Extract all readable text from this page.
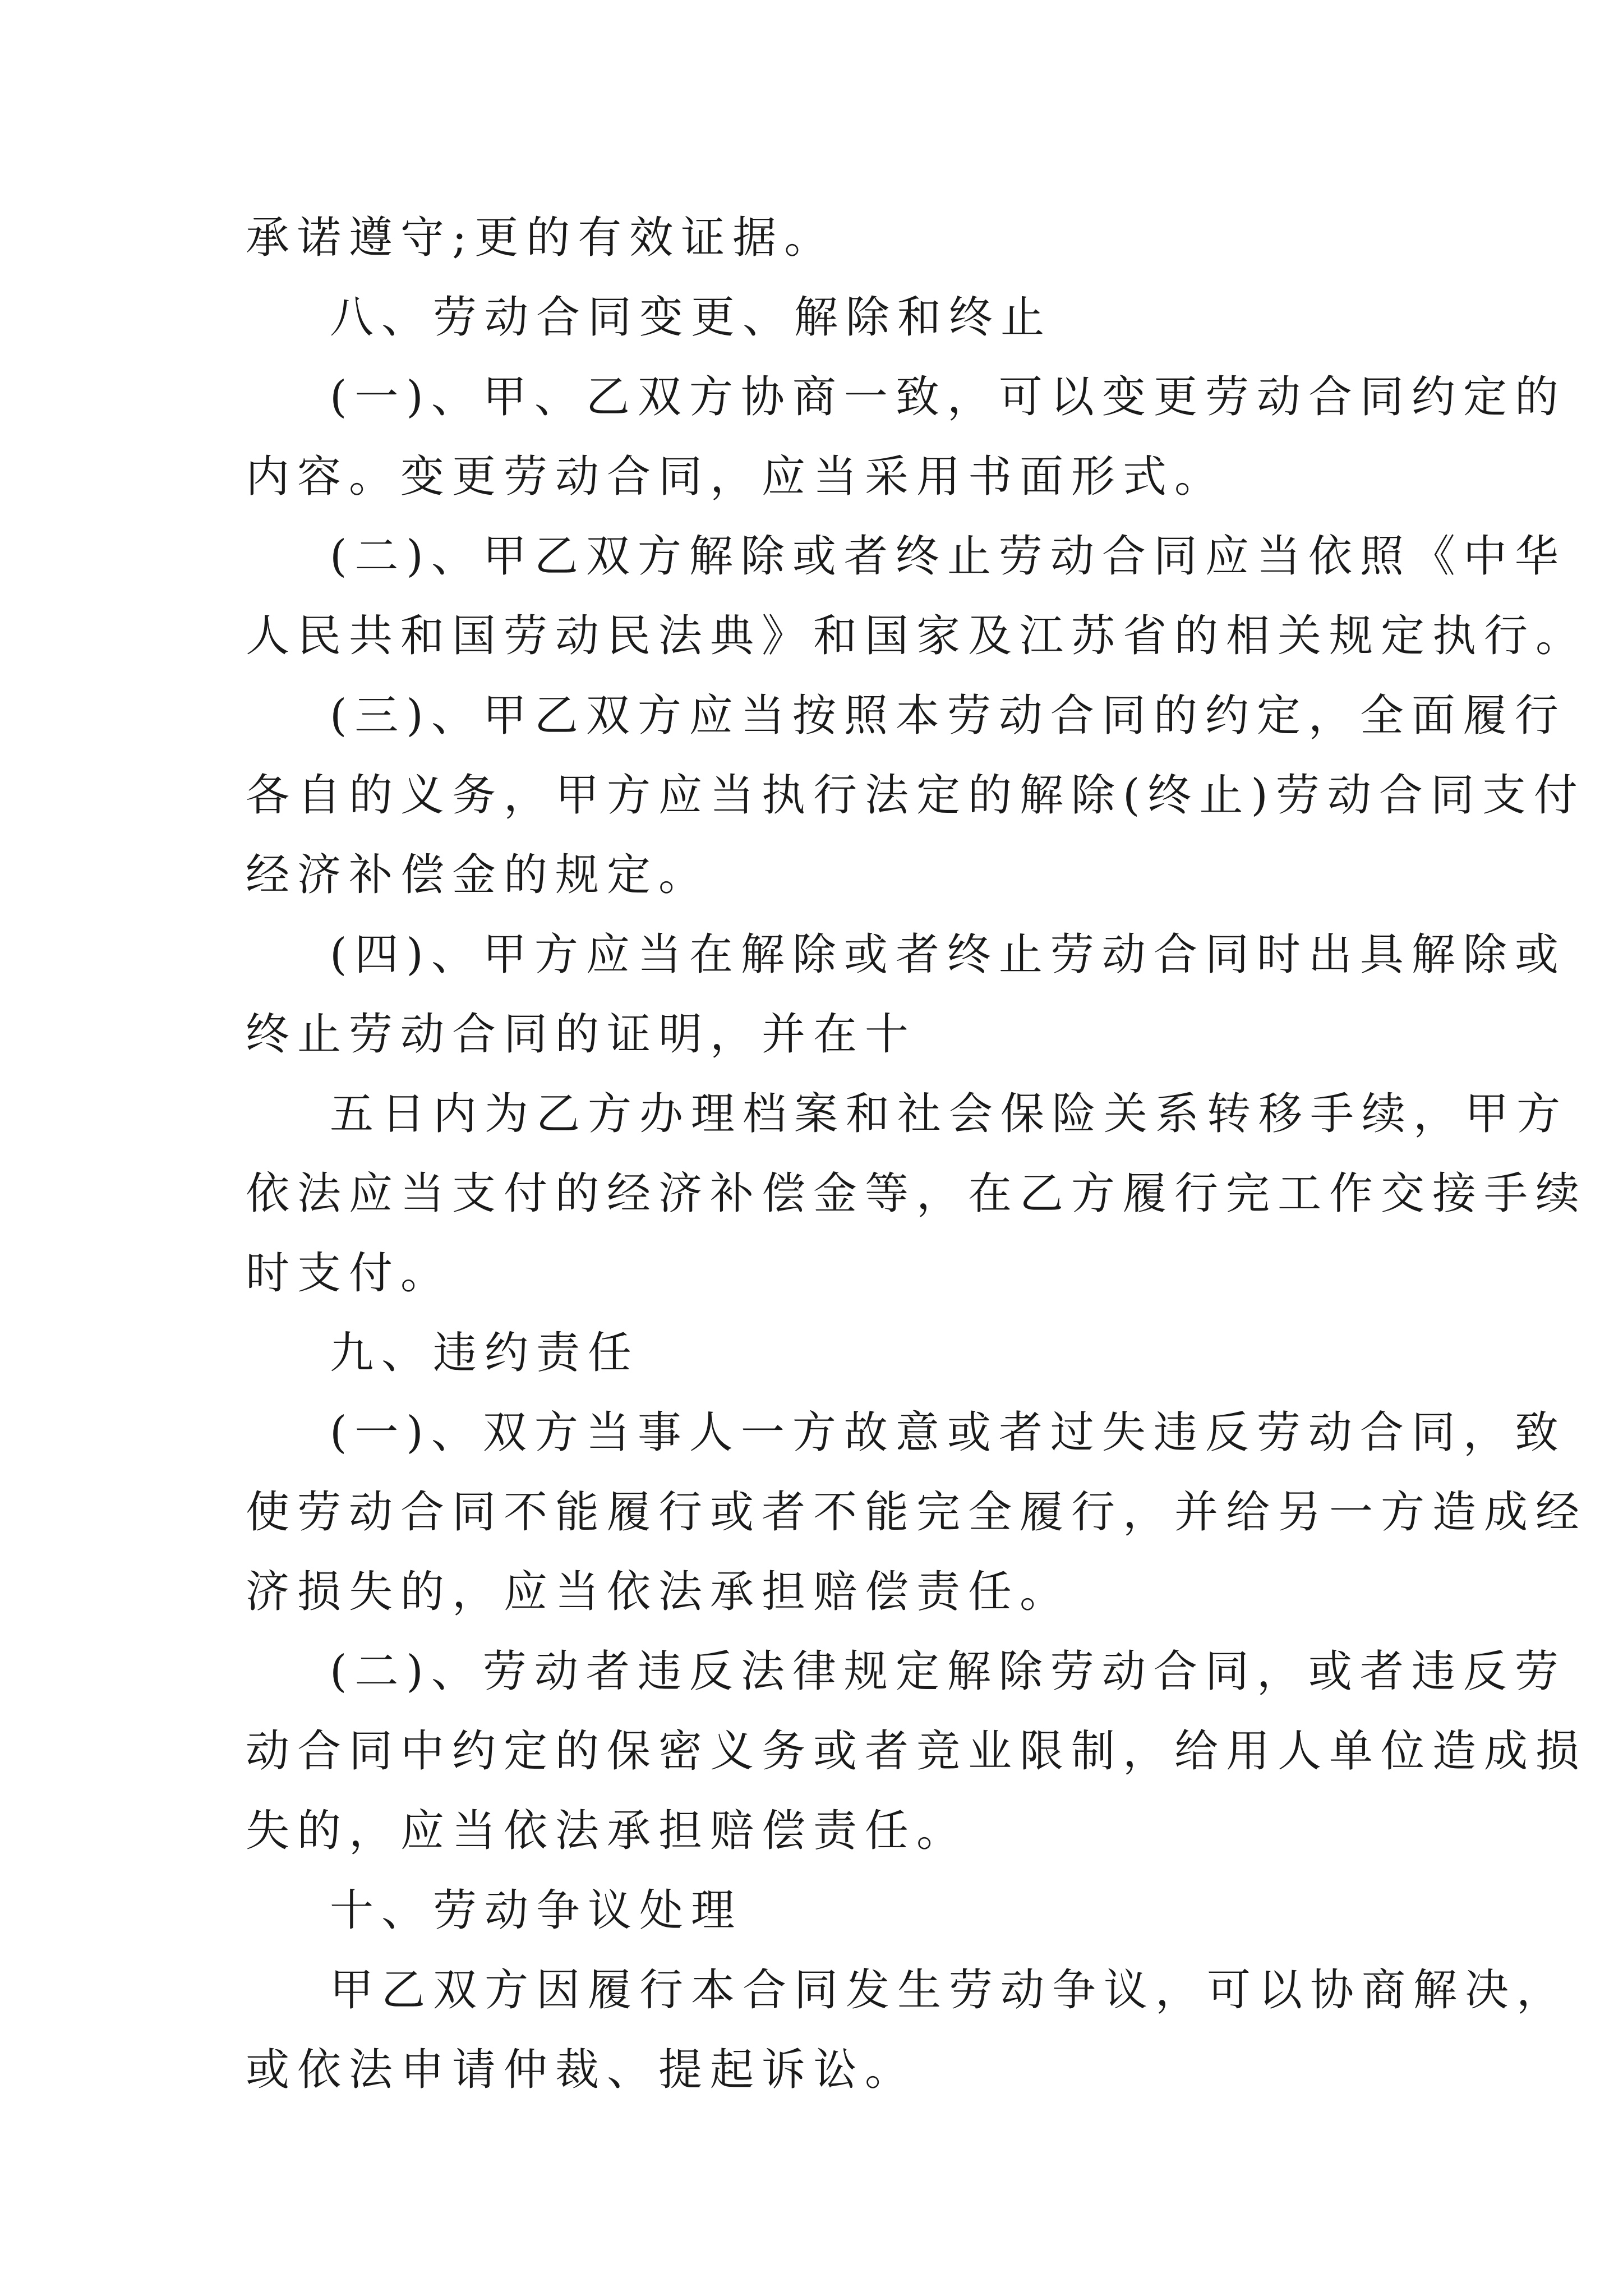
承诺遵守;更的有效证据。

八、劳动合同变更、解除和终止

(一)、甲、乙双方协商一致，可以变更劳动合同约定的

内容。变更劳动合同，应当采用书面形式。

(二)、甲乙双方解除或者终止劳动合同应当依照《中华

人民共和国劳动民法典》和国家及江苏省的相关规定执行。

(三)、甲乙双方应当按照本劳动合同的约定，全面履行

各自的义务，甲方应当执行法定的解除(终止)劳动合同支付

经济补偿金的规定。

(四)、甲方应当在解除或者终止劳动合同时出具解除或

终止劳动合同的证明，并在十

五日内为乙方办理档案和社会保险关系转移手续，甲方

依法应当支付的经济补偿金等，在乙方履行完工作交接手续

时支付。

九、违约责任

(一)、双方当事人一方故意或者过失违反劳动合同，致

使劳动合同不能履行或者不能完全履行，并给另一方造成经

济损失的，应当依法承担赔偿责任。

(二)、劳动者违反法律规定解除劳动合同，或者违反劳

动合同中约定的保密义务或者竞业限制，给用人单位造成损

失的，应当依法承担赔偿责任。

十、劳动争议处理

甲乙双方因履行本合同发生劳动争议，可以协商解决，

或依法申请仲裁、提起诉讼。
